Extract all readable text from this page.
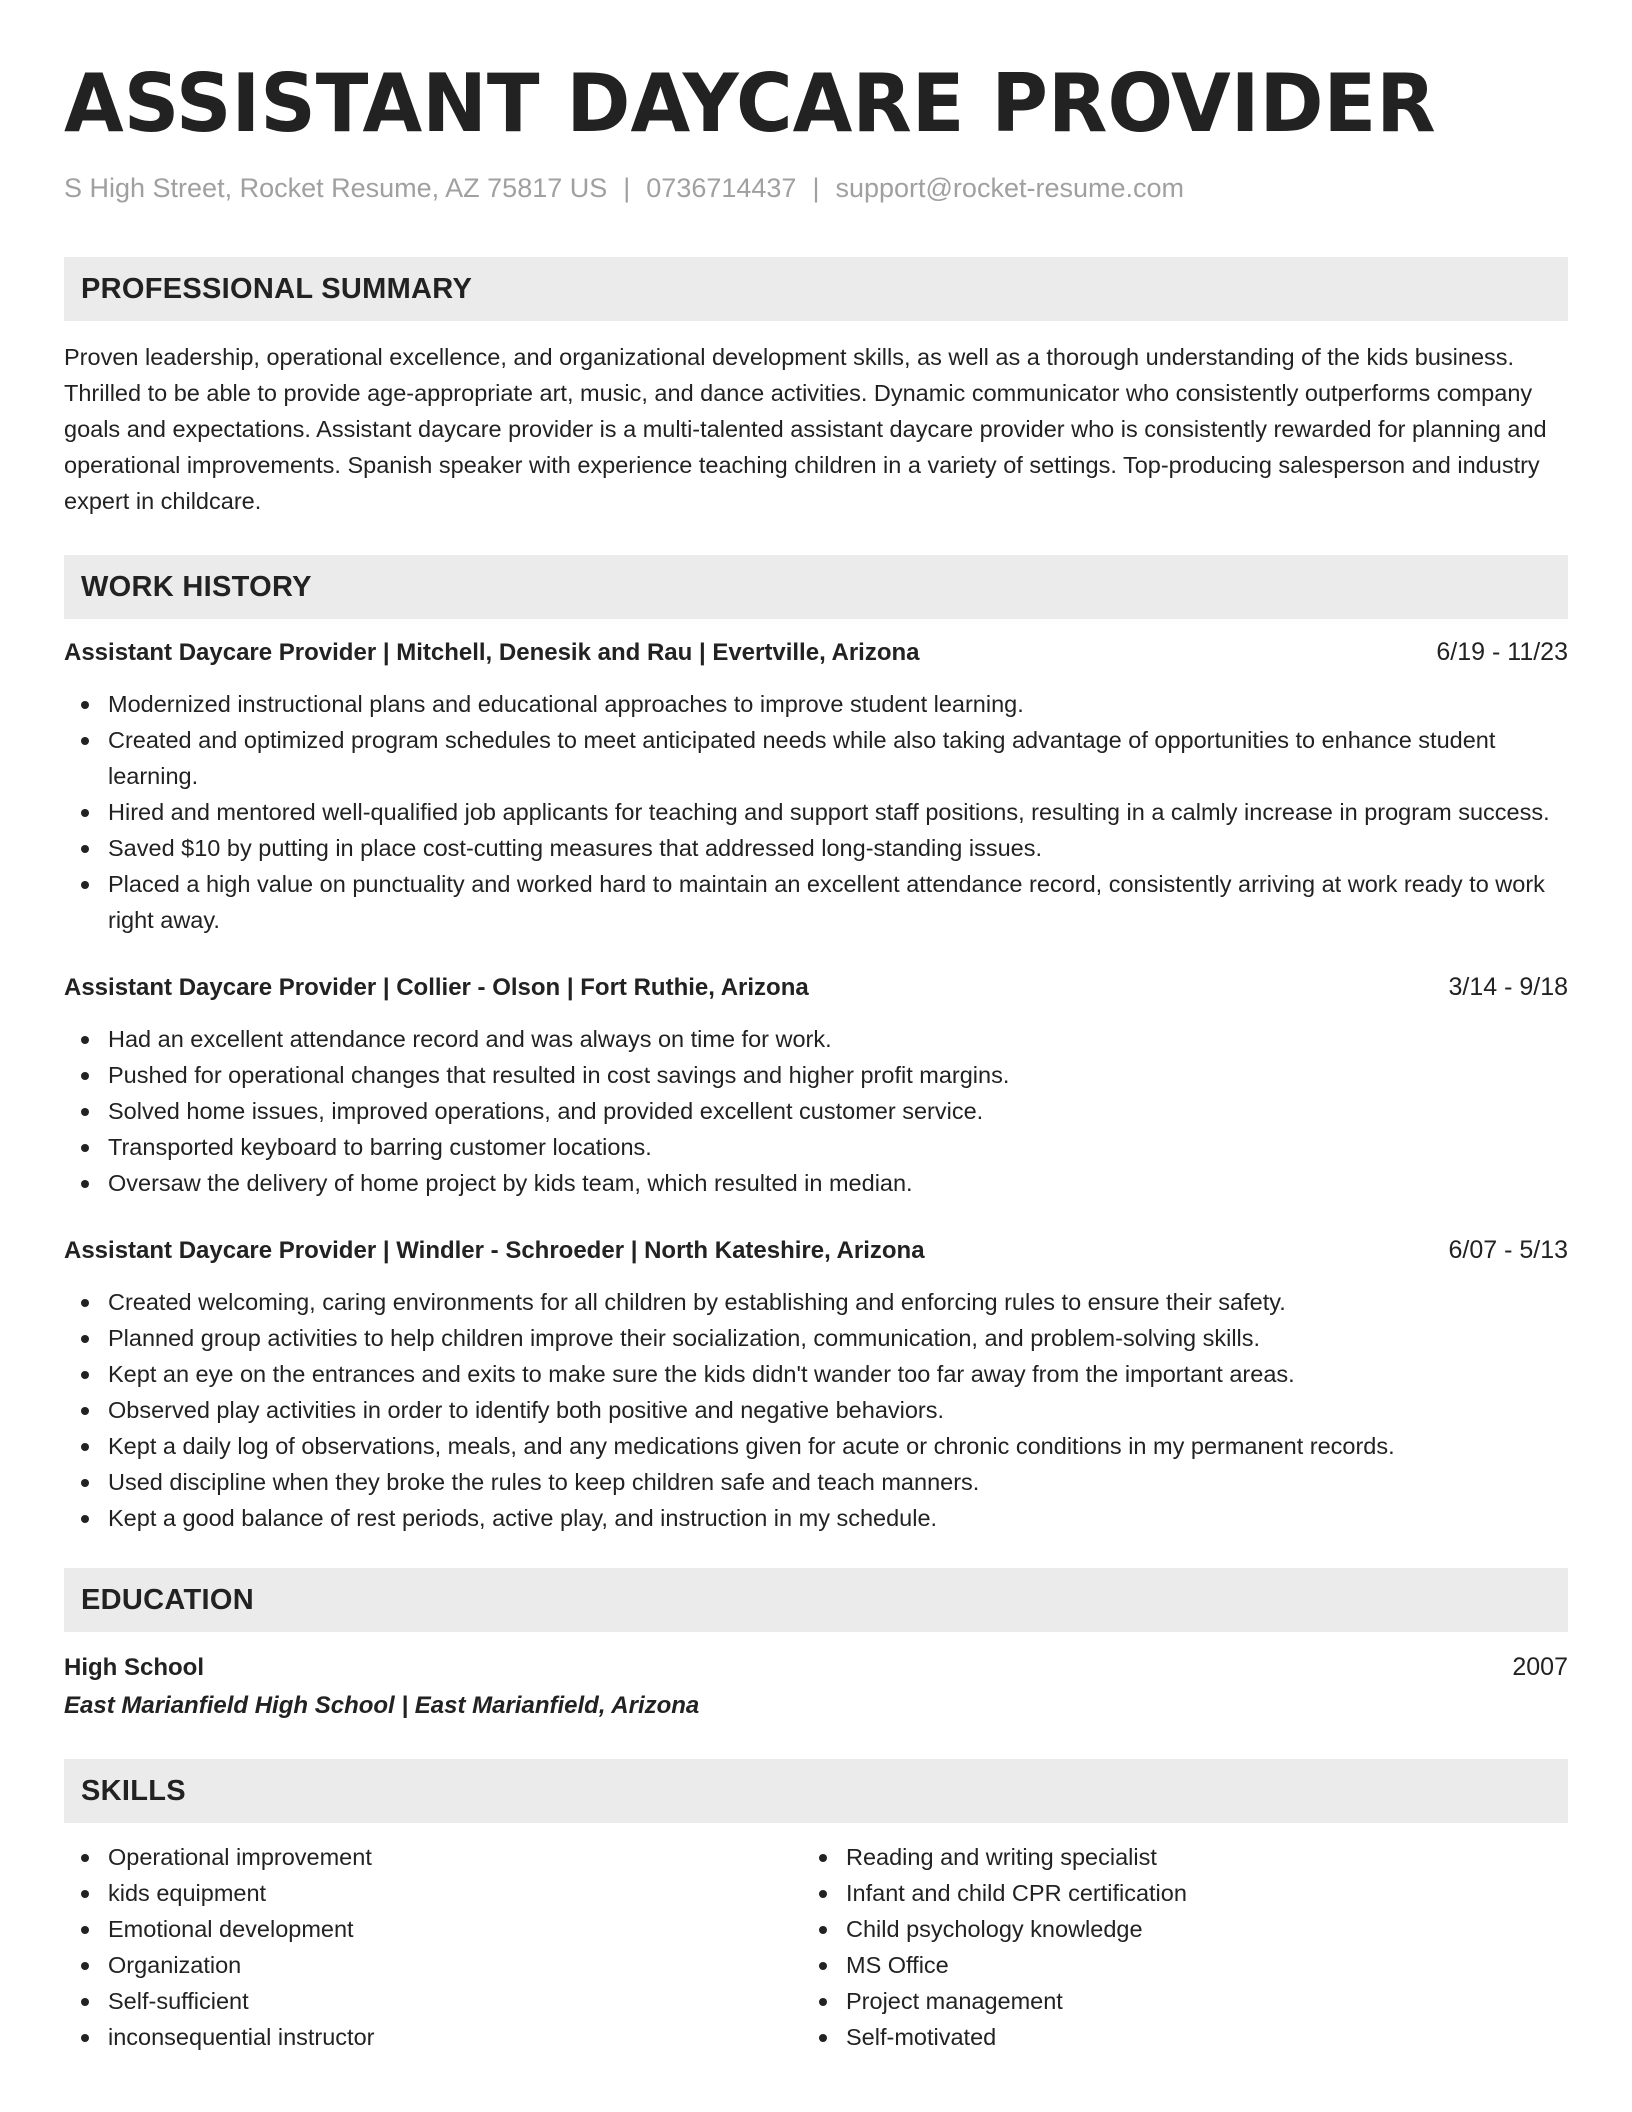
ASSISTANT DAYCARE PROVIDER
S High Street, Rocket Resume, AZ 75817 US | 0736714437 | support@rocket-resume.com
PROFESSIONAL SUMMARY

Proven leadership, operational excellence, and organizational development skills, as well as a thorough understanding of the kids business. Thrilled to be able to provide age-appropriate art, music, and dance activities. Dynamic communicator who consistently outperforms company goals and expectations. Assistant daycare provider is a multi-talented assistant daycare provider who is consistently rewarded for planning and operational improvements. Spanish speaker with experience teaching children in a variety of settings. Top-producing salesperson and industry expert in childcare.

WORK HISTORY
Assistant Daycare Provider | Mitchell, Denesik and Rau | Evertville, Arizona	6/19 - 11/23
Modernized instructional plans and educational approaches to improve student learning.
Created and optimized program schedules to meet anticipated needs while also taking advantage of opportunities to enhance student learning.
Hired and mentored well-qualified job applicants for teaching and support staff positions, resulting in a calmly increase in program success.
Saved $10 by putting in place cost-cutting measures that addressed long-standing issues.
Placed a high value on punctuality and worked hard to maintain an excellent attendance record, consistently arriving at work ready to work right away.
Assistant Daycare Provider | Collier - Olson | Fort Ruthie, Arizona	3/14 - 9/18
Had an excellent attendance record and was always on time for work.
Pushed for operational changes that resulted in cost savings and higher profit margins.
Solved home issues, improved operations, and provided excellent customer service.
Transported keyboard to barring customer locations.
Oversaw the delivery of home project by kids team, which resulted in median.
Assistant Daycare Provider | Windler - Schroeder | North Kateshire, Arizona	6/07 - 5/13
Created welcoming, caring environments for all children by establishing and enforcing rules to ensure their safety.
Planned group activities to help children improve their socialization, communication, and problem-solving skills.
Kept an eye on the entrances and exits to make sure the kids didn't wander too far away from the important areas.
Observed play activities in order to identify both positive and negative behaviors.
Kept a daily log of observations, meals, and any medications given for acute or chronic conditions in my permanent records.
Used discipline when they broke the rules to keep children safe and teach manners.
Kept a good balance of rest periods, active play, and instruction in my schedule.
EDUCATION
High School	2007
East Marianfield High School | East Marianfield, Arizona
SKILLS
Operational improvement
kids equipment
Emotional development
Organization
Self-sufficient
inconsequential instructor
Reading and writing specialist
Infant and child CPR certification
Child psychology knowledge
MS Office
Project management
Self-motivated
